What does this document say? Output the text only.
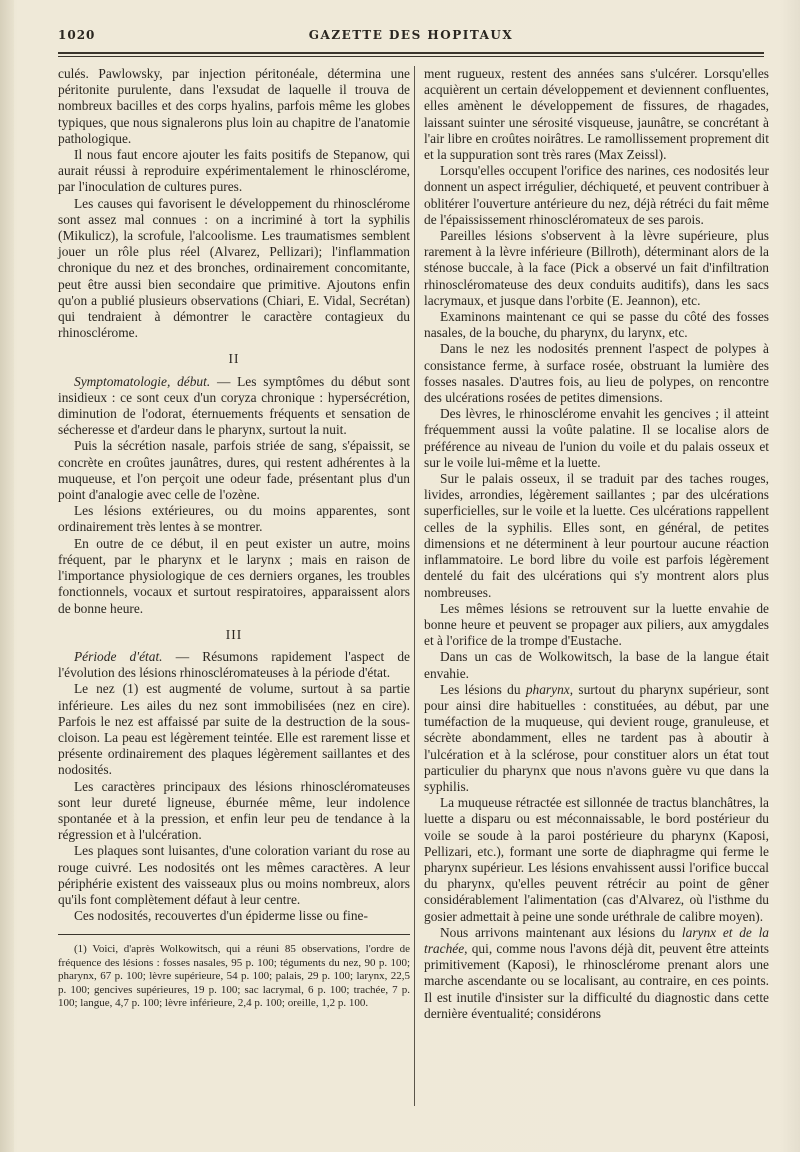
GAZETTE DES HOPITAUX
1020

culés. Pawlowsky, par injection péritonéale, détermina une péritonite purulente, dans l'exsudat de laquelle il trouva de nombreux bacilles et des corps hyalins, parfois même les globes typiques, que nous signalerons plus loin au chapitre de l'anatomie pathologique.

Il nous faut encore ajouter les faits positifs de Stepanow, qui aurait réussi à reproduire expérimentalement le rhinosclérome, par l'inoculation de cultures pures.

Les causes qui favorisent le développement du rhinosclérome sont assez mal connues : on a incriminé à tort la syphilis (Mikulicz), la scrofule, l'alcoolisme. Les traumatismes semblent jouer un rôle plus réel (Alvarez, Pellizari); l'inflammation chronique du nez et des bronches, ordinairement concomitante, peut être aussi bien secondaire que primitive. Ajoutons enfin qu'on a publié plusieurs observations (Chiari, E. Vidal, Secrétan) qui tendraient à démontrer le caractère contagieux du rhinosclérome.

II

Symptomatologie, début. — Les symptômes du début sont insidieux : ce sont ceux d'un coryza chronique : hypersécrétion, diminution de l'odorat, éternuements fréquents et sensation de sécheresse et d'ardeur dans le pharynx, surtout la nuit.

Puis la sécrétion nasale, parfois striée de sang, s'épaissit, se concrète en croûtes jaunâtres, dures, qui restent adhérentes à la muqueuse, et l'on perçoit une odeur fade, présentant plus d'un point d'analogie avec celle de l'ozène.

Les lésions extérieures, ou du moins apparentes, sont ordinairement très lentes à se montrer.

En outre de ce début, il en peut exister un autre, moins fréquent, par le pharynx et le larynx ; mais en raison de l'importance physiologique de ces derniers organes, les troubles fonctionnels, vocaux et surtout respiratoires, apparaissent alors de bonne heure.

III

Période d'état. — Résumons rapidement l'aspect de l'évolution des lésions rhinoscléromateuses à la période d'état.

Le nez (1) est augmenté de volume, surtout à sa partie inférieure. Les ailes du nez sont immobilisées (nez en cire). Parfois le nez est affaissé par suite de la destruction de la sous-cloison. La peau est légèrement teintée. Elle est rarement lisse et présente ordinairement des plaques légèrement saillantes et des nodosités.

Les caractères principaux des lésions rhinoscléromateuses sont leur dureté ligneuse, éburnée même, leur indolence spontanée et à la pression, et enfin leur peu de tendance à la régression et à l'ulcération.

Les plaques sont luisantes, d'une coloration variant du rose au rouge cuivré. Les nodosités ont les mêmes caractères. A leur périphérie existent des vaisseaux plus ou moins nombreux, alors qu'ils font complètement défaut à leur centre.

Ces nodosités, recouvertes d'un épiderme lisse ou fine-

(1) Voici, d'après Wolkowitsch, qui a réuni 85 observations, l'ordre de fréquence des lésions : fosses nasales, 95 p. 100; téguments du nez, 90 p. 100; pharynx, 67 p. 100; lèvre supérieure, 54 p. 100; palais, 29 p. 100; larynx, 22,5 p. 100; gencives supérieures, 19 p. 100; sac lacrymal, 6 p. 100; trachée, 7 p. 100; langue, 4,7 p. 100; lèvre inférieure, 2,4 p. 100; oreille, 1,2 p. 100.

ment rugueux, restent des années sans s'ulcérer. Lorsqu'elles acquièrent un certain développement et deviennent confluentes, elles amènent le développement de fissures, de rhagades, laissant suinter une sérosité visqueuse, jaunâtre, se concrétant à l'air libre en croûtes noirâtres. Le ramollissement proprement dit et la suppuration sont très rares (Max Zeissl).

Lorsqu'elles occupent l'orifice des narines, ces nodosités leur donnent un aspect irrégulier, déchiqueté, et peuvent contribuer à oblitérer l'ouverture antérieure du nez, déjà rétréci du fait même de l'épaississement rhinoscléromateux de ses parois.

Pareilles lésions s'observent à la lèvre supérieure, plus rarement à la lèvre inférieure (Billroth), déterminant alors de la sténose buccale, à la face (Pick a observé un fait d'infiltration rhinoscléromateuse des deux conduits auditifs), dans les sacs lacrymaux, et jusque dans l'orbite (E. Jeannon), etc.

Examinons maintenant ce qui se passe du côté des fosses nasales, de la bouche, du pharynx, du larynx, etc.

Dans le nez les nodosités prennent l'aspect de polypes à consistance ferme, à surface rosée, obstruant la lumière des fosses nasales. D'autres fois, au lieu de polypes, on rencontre des ulcérations rosées de petites dimensions.

Des lèvres, le rhinosclérome envahit les gencives ; il atteint fréquemment aussi la voûte palatine. Il se localise alors de préférence au niveau de l'union du voile et du palais osseux et sur le voile lui-même et la luette.

Sur le palais osseux, il se traduit par des taches rouges, livides, arrondies, légèrement saillantes ; par des ulcérations superficielles, sur le voile et la luette. Ces ulcérations rappellent celles de la syphilis. Elles sont, en général, de petites dimensions et ne déterminent à leur pourtour aucune réaction inflammatoire. Le bord libre du voile est parfois légèrement dentelé du fait des ulcérations qui s'y montrent alors plus nombreuses.

Les mêmes lésions se retrouvent sur la luette envahie de bonne heure et peuvent se propager aux piliers, aux amygdales et à l'orifice de la trompe d'Eustache.

Dans un cas de Wolkowitsch, la base de la langue était envahie.

Les lésions du pharynx, surtout du pharynx supérieur, sont pour ainsi dire habituelles : constituées, au début, par une tuméfaction de la muqueuse, qui devient rouge, granuleuse, et sécrète abondamment, elles ne tardent pas à aboutir à l'ulcération et à la sclérose, pour constituer alors un état tout particulier du pharynx que nous n'avons guère vu que dans la syphilis.

La muqueuse rétractée est sillonnée de tractus blanchâtres, la luette a disparu ou est méconnaissable, le bord postérieur du voile se soude à la paroi postérieure du pharynx (Kaposi, Pellizari, etc.), formant une sorte de diaphragme qui ferme le pharynx supérieur. Les lésions envahissent aussi l'orifice buccal du pharynx, qu'elles peuvent rétrécir au point de gêner considérablement l'alimentation (cas d'Alvarez, où l'isthme du gosier admettait à peine une sonde uréthrale de calibre moyen).

Nous arrivons maintenant aux lésions du larynx et de la trachée, qui, comme nous l'avons déjà dit, peuvent être atteints primitivement (Kaposi), le rhinosclérome prenant alors une marche ascendante ou se localisant, au contraire, en ces points. Il est inutile d'insister sur la difficulté du diagnostic dans cette dernière éventualité; considérons
